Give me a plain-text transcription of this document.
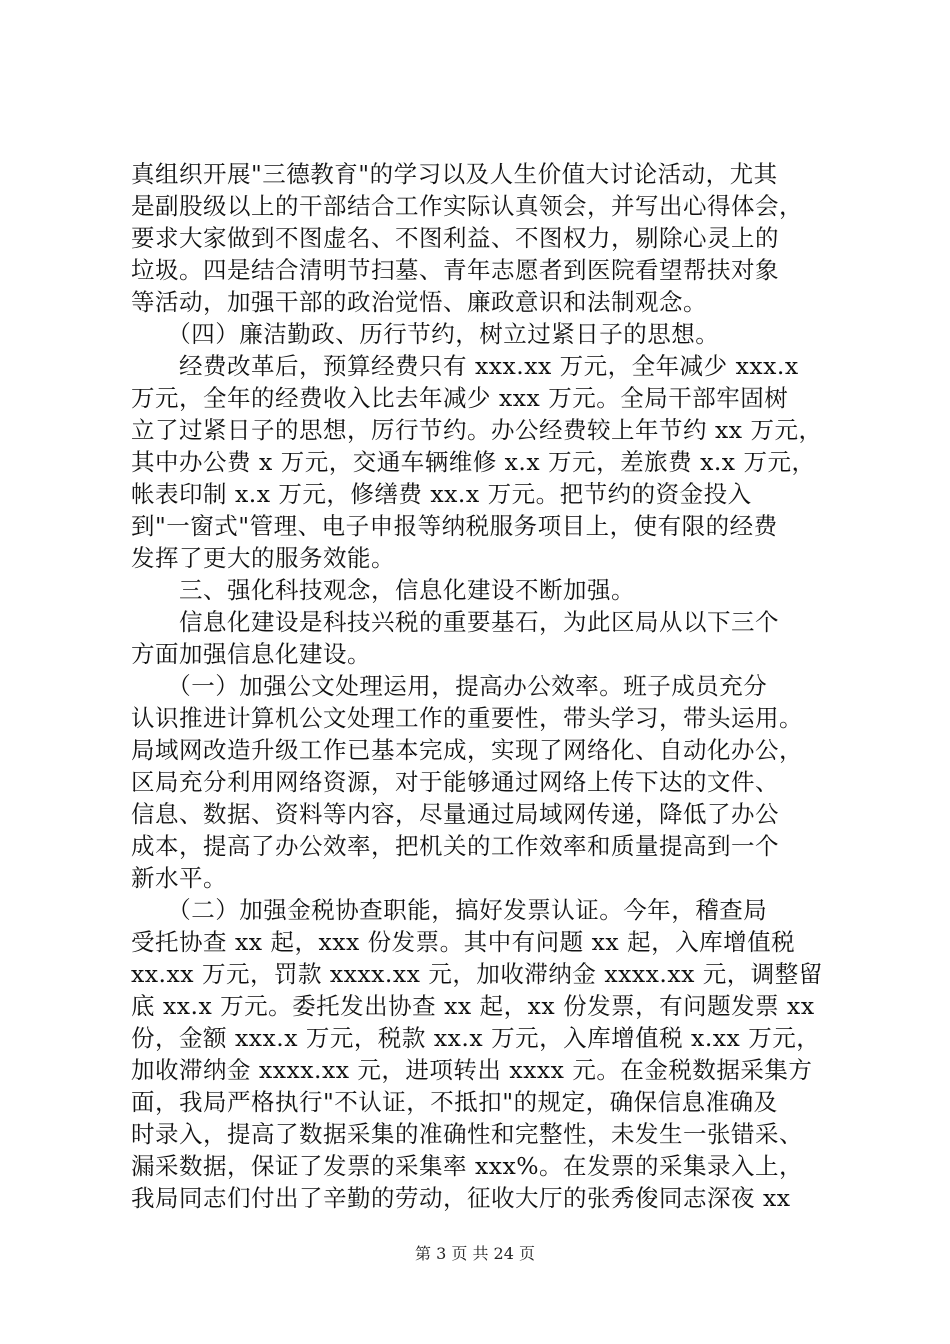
真组织开展"三德教育"的学习以及人生价值大讨论活动，尤其
是副股级以上的干部结合工作实际认真领会，并写出心得体会，
要求大家做到不图虚名、不图利益、不图权力，剔除心灵上的
垃圾。四是结合清明节扫墓、青年志愿者到医院看望帮扶对象
等活动，加强干部的政治觉悟、廉政意识和法制观念。
　　（四）廉洁勤政、历行节约，树立过紧日子的思想。
　　经费改革后，预算经费只有 xxx.xx 万元，全年减少 xxx.x
万元，全年的经费收入比去年减少 xxx 万元。全局干部牢固树
立了过紧日子的思想，厉行节约。办公经费较上年节约 xx 万元，
其中办公费 x 万元，交通车辆维修 x.x 万元，差旅费 x.x 万元，
帐表印制 x.x 万元，修缮费 xx.x 万元。把节约的资金投入
到"一窗式"管理、电子申报等纳税服务项目上，使有限的经费
发挥了更大的服务效能。
　　三、强化科技观念，信息化建设不断加强。
　　信息化建设是科技兴税的重要基石，为此区局从以下三个
方面加强信息化建设。
　　（一）加强公文处理运用，提高办公效率。班子成员充分
认识推进计算机公文处理工作的重要性，带头学习，带头运用。
局域网改造升级工作已基本完成，实现了网络化、自动化办公，
区局充分利用网络资源，对于能够通过网络上传下达的文件、
信息、数据、资料等内容，尽量通过局域网传递，降低了办公
成本，提高了办公效率，把机关的工作效率和质量提高到一个
新水平。
　　（二）加强金税协查职能，搞好发票认证。今年，稽查局
受托协查 xx 起，xxx 份发票。其中有问题 xx 起，入库增值税
xx.xx 万元，罚款 xxxx.xx 元，加收滞纳金 xxxx.xx 元，调整留
底 xx.x 万元。委托发出协查 xx 起，xx 份发票，有问题发票 xx
份，金额 xxx.x 万元，税款 xx.x 万元，入库增值税 x.xx 万元，
加收滞纳金 xxxx.xx 元，进项转出 xxxx 元。在金税数据采集方
面，我局严格执行"不认证，不抵扣"的规定，确保信息准确及
时录入，提高了数据采集的准确性和完整性，未发生一张错采、
漏采数据，保证了发票的采集率 xxx%。在发票的采集录入上，
我局同志们付出了辛勤的劳动，征收大厅的张秀俊同志深夜 xx
第 3 页 共 24 页
